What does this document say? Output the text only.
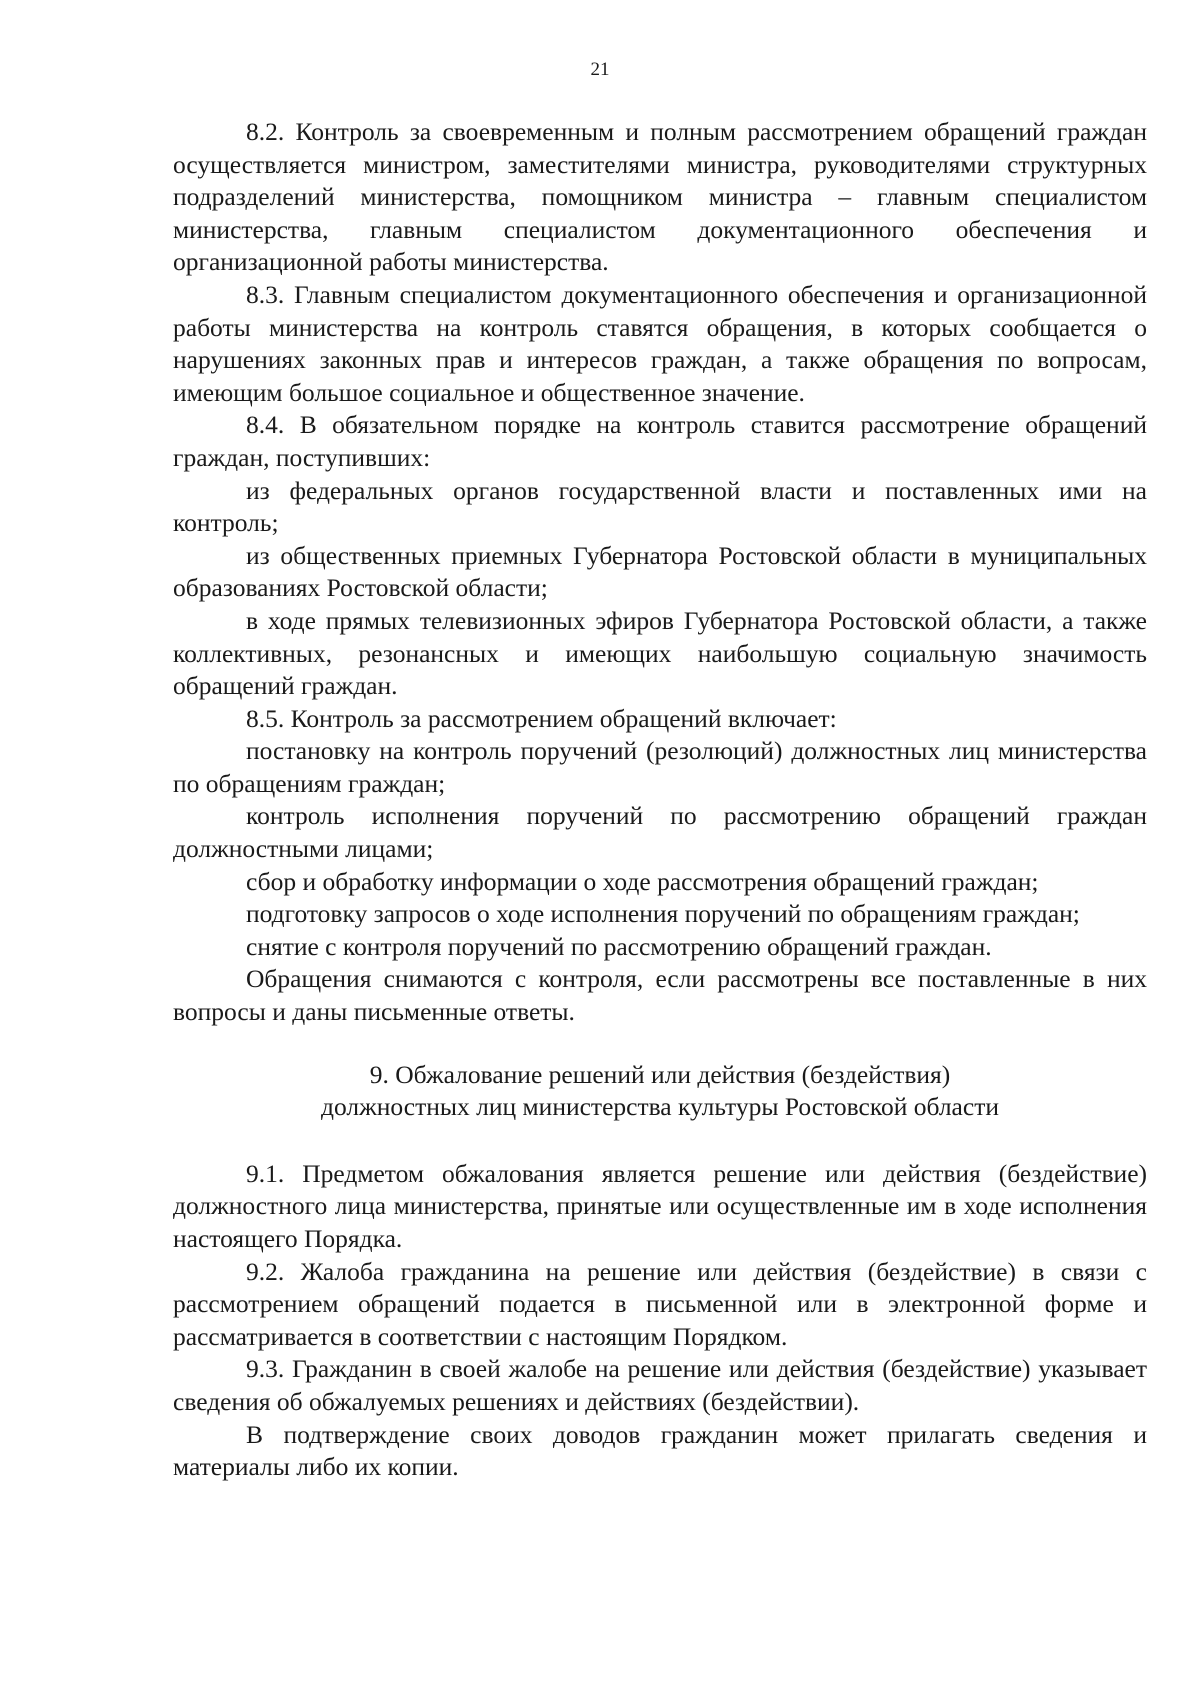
21

8.2. Контроль за своевременным и полным рассмотрением обращений граждан осуществляется министром, заместителями министра, руководителями структурных подразделений министерства, помощником министра – главным специалистом министерства, главным специалистом документационного обеспечения и организационной работы министерства.

8.3. Главным специалистом документационного обеспечения и организационной работы министерства на контроль ставятся обращения, в которых сообщается о нарушениях законных прав и интересов граждан, а также обращения по вопросам, имеющим большое социальное и общественное значение.

8.4. В обязательном порядке на контроль ставится рассмотрение обращений граждан, поступивших:

из федеральных органов государственной власти и поставленных ими на контроль;

из общественных приемных Губернатора Ростовской области в муниципальных образованиях Ростовской области;

в ходе прямых телевизионных эфиров Губернатора Ростовской области, а также коллективных, резонансных и имеющих наибольшую социальную значимость обращений граждан.

8.5. Контроль за рассмотрением обращений включает:

постановку на контроль поручений (резолюций) должностных лиц министерства по обращениям граждан;

контроль исполнения поручений по рассмотрению обращений граждан должностными лицами;

сбор и обработку информации о ходе рассмотрения обращений граждан;

подготовку запросов о ходе исполнения поручений по обращениям граждан;

снятие с контроля поручений по рассмотрению обращений граждан.

Обращения снимаются с контроля, если рассмотрены все поставленные в них вопросы и даны письменные ответы.

9. Обжалование решений или действия (бездействия)

должностных лиц министерства культуры Ростовской области

9.1. Предметом обжалования является решение или действия (бездействие) должностного лица министерства, принятые или осуществленные им в ходе исполнения настоящего Порядка.

9.2. Жалоба гражданина на решение или действия (бездействие) в связи с рассмотрением обращений подается в письменной или в электронной форме и рассматривается в соответствии с настоящим Порядком.

9.3. Гражданин в своей жалобе на решение или действия (бездействие) указывает сведения об обжалуемых решениях и действиях (бездействии).

В подтверждение своих доводов гражданин может прилагать сведения и материалы либо их копии.
